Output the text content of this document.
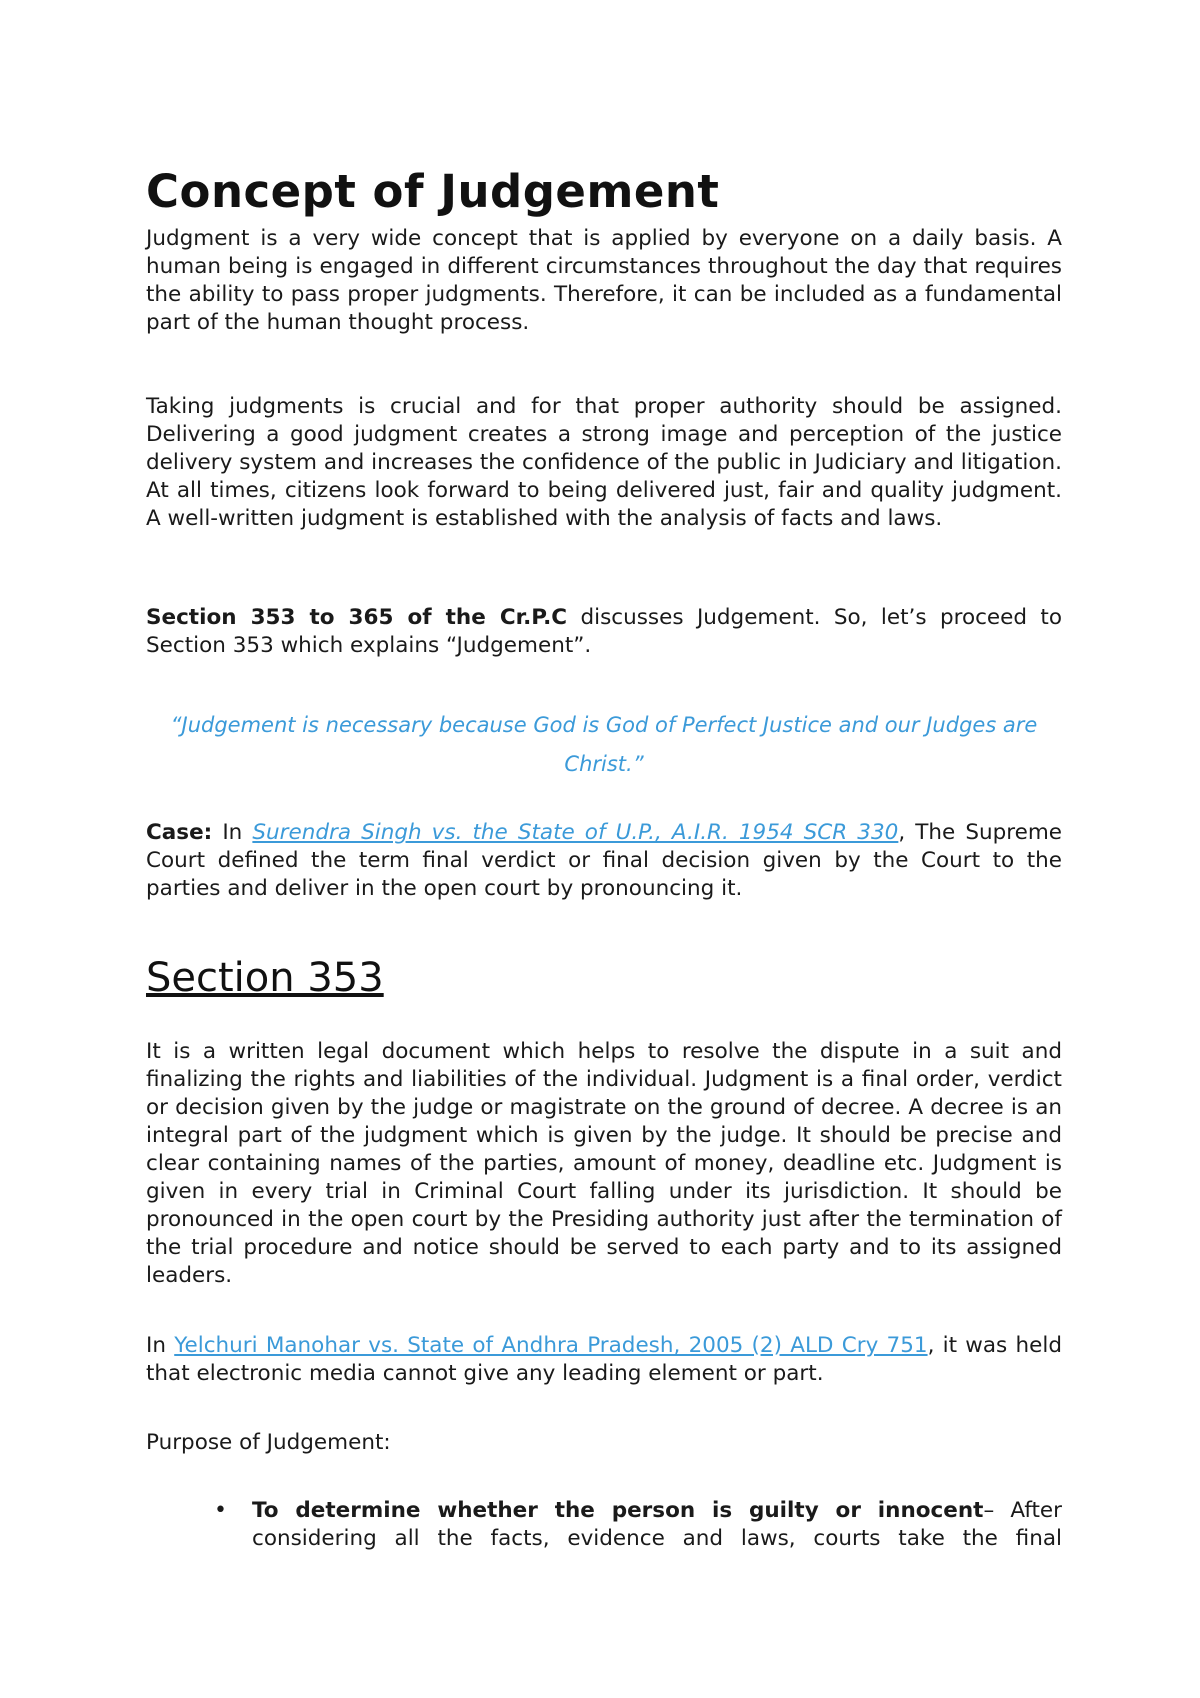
Concept of Judgement

Judgment is a very wide concept that is applied by everyone on a daily basis. A human being is engaged in different circumstances throughout the day that requires the ability to pass proper judgments. Therefore, it can be included as a fundamental part of the human thought process.

Taking judgments is crucial and for that proper authority should be assigned. Delivering a good judgment creates a strong image and perception of the justice delivery system and increases the confidence of the public in Judiciary and litigation. At all times, citizens look forward to being delivered just, fair and quality judgment. A well-written judgment is established with the analysis of facts and laws.

Section 353 to 365 of the Cr.P.C discusses Judgement. So, let’s proceed to Section 353 which explains “Judgement”.

“Judgement is necessary because God is God of Perfect Justice and our Judges are
Christ.”

Case: In Surendra Singh vs. the State of U.P., A.I.R. 1954 SCR 330, The Supreme Court defined the term final verdict or final decision given by the Court to the parties and deliver in the open court by pronouncing it.

Section 353

It is a written legal document which helps to resolve the dispute in a suit and finalizing the rights and liabilities of the individual. Judgment is a final order, verdict or decision given by the judge or magistrate on the ground of decree. A decree is an integral part of the judgment which is given by the judge. It should be precise and clear containing names of the parties, amount of money, deadline etc. Judgment is given in every trial in Criminal Court falling under its jurisdiction. It should be pronounced in the open court by the Presiding authority just after the termination of the trial procedure and notice should be served to each party and to its assigned leaders.

In Yelchuri Manohar vs. State of Andhra Pradesh, 2005 (2) ALD Cry 751, it was held that electronic media cannot give any leading element or part.

Purpose of Judgement:

• To determine whether the person is guilty or innocent– After considering all the facts, evidence and laws, courts take the final
